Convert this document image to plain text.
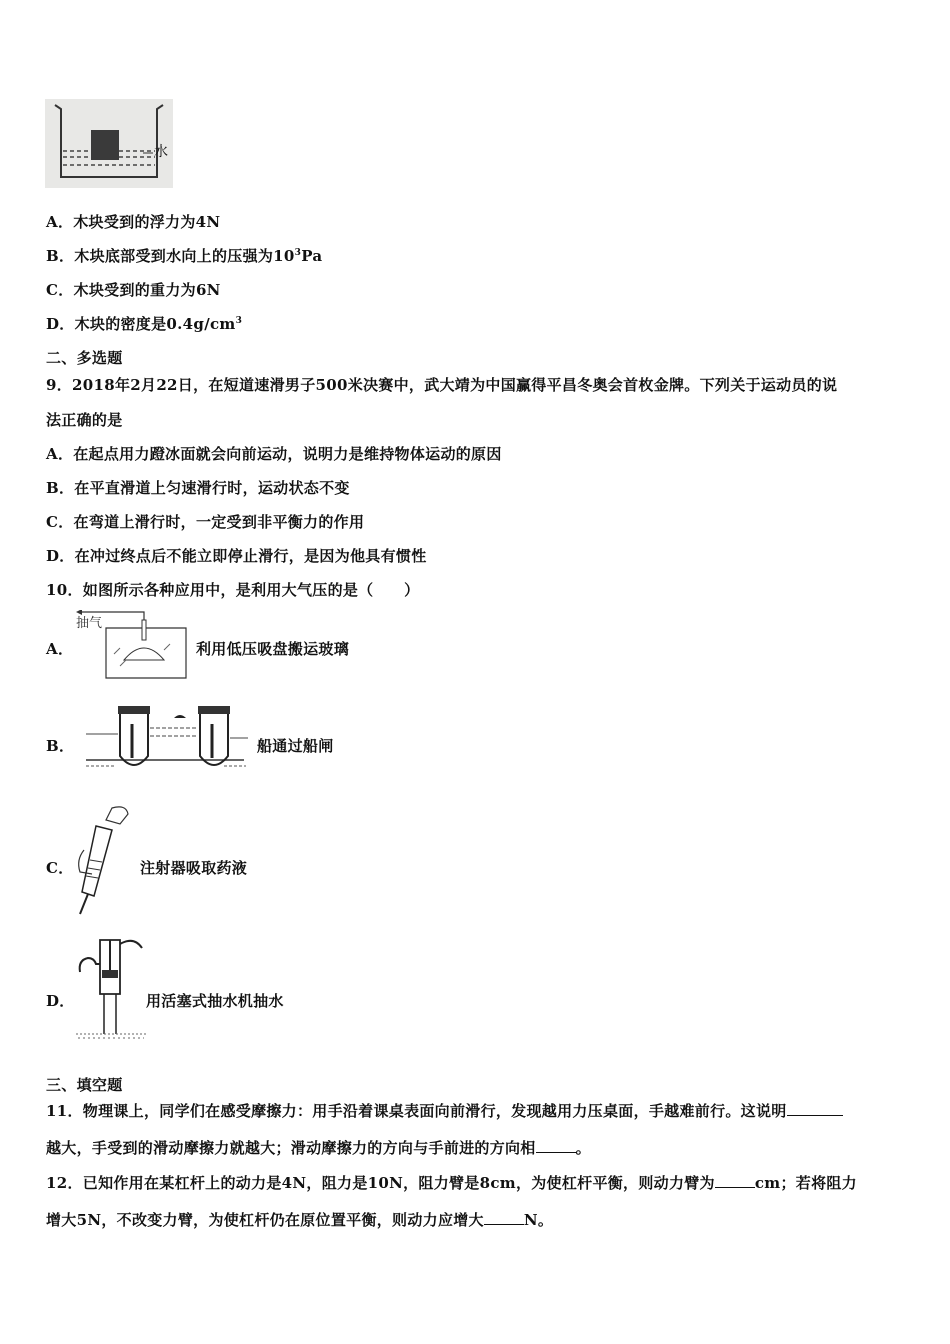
水
A．木块受到的浮力为4N
B．木块底部受到水向上的压强为$10^3Pa$
C．木块受到的重力为6N
D．木块的密度是$0.4g/cm^3$
二、多选题
9．2018年2月22日，在短道速滑男子500米决赛中，武大靖为中国赢得平昌冬奥会首枚金牌。下列关于运动员的说
法正确的是
A．在起点用力蹬冰面就会向前运动，说明力是维持物体运动的原因
B．在平直滑道上匀速滑行时，运动状态不变
C．在弯道上滑行时，一定受到非平衡力的作用
D．在冲过终点后不能立即停止滑行，是因为他具有惯性
10．如图所示各种应用中，是利用大气压的是（　　）
A．
抽气
利用低压吸盘搬运玻璃
B．	船通过船闸
C．	注射器吸取药液
D．	用活塞式抽水机抽水
三、填空题
11．物理课上，同学们在感受摩擦力：用手沿着课桌表面向前滑行，发现越用力压桌面，手越难前行。这说明
越大，手受到的滑动摩擦力就越大；滑动摩擦力的方向与手前进的方向相	。
12．已知作用在某杠杆上的动力是4N，阻力是10N，阻力臂是8cm，为使杠杆平衡，则动力臂为	cm；若将阻力
增大5N，不改变力臂，为使杠杆仍在原位置平衡，则动力应增大	N。
